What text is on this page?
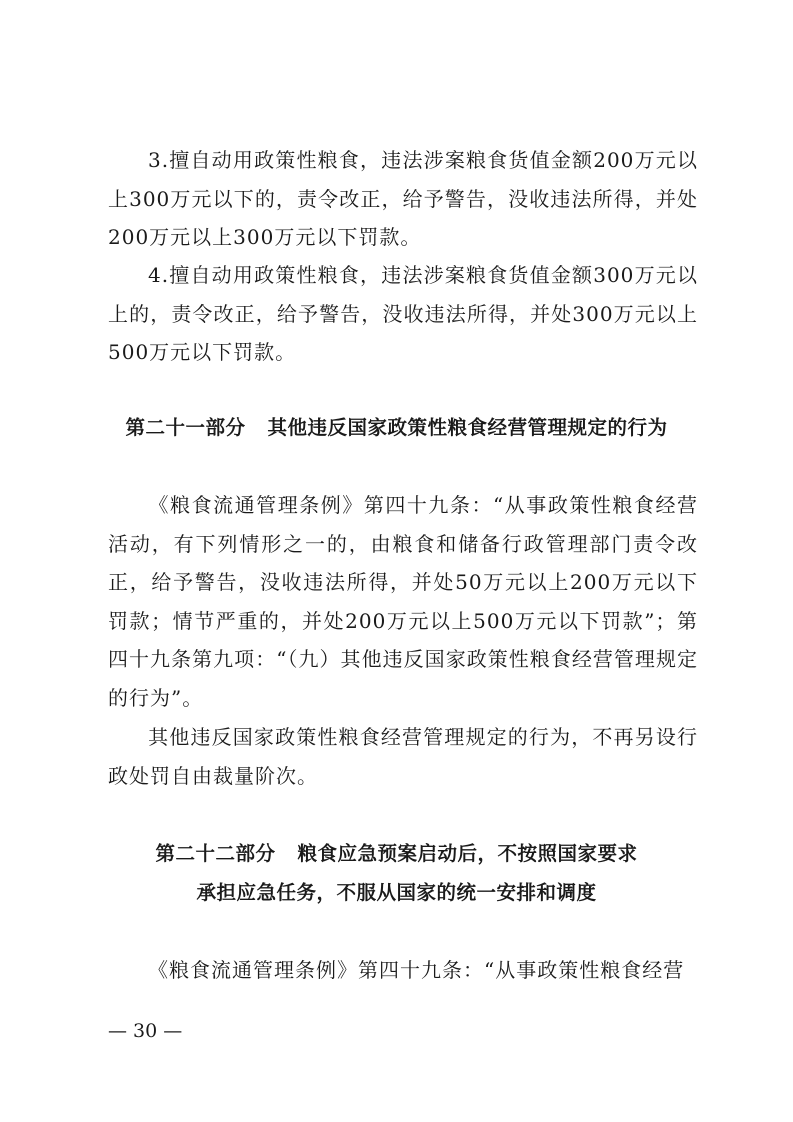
3.擅自动用政策性粮食，违法涉案粮食货值金额200万元以上300万元以下的，责令改正，给予警告，没收违法所得，并处200万元以上300万元以下罚款。

4.擅自动用政策性粮食，违法涉案粮食货值金额300万元以上的，责令改正，给予警告，没收违法所得，并处300万元以上500万元以下罚款。

第二十一部分 其他违反国家政策性粮食经营管理规定的行为

《粮食流通管理条例》第四十九条：“从事政策性粮食经营活动，有下列情形之一的，由粮食和储备行政管理部门责令改正，给予警告，没收违法所得，并处50万元以上200万元以下罚款；情节严重的，并处200万元以上500万元以下罚款”；第四十九条第九项：“（九）其他违反国家政策性粮食经营管理规定的行为”。

其他违反国家政策性粮食经营管理规定的行为，不再另设行政处罚自由裁量阶次。

第二十二部分 粮食应急预案启动后，不按照国家要求

承担应急任务，不服从国家的统一安排和调度

《粮食流通管理条例》第四十九条：“从事政策性粮食经营

— 30 —
